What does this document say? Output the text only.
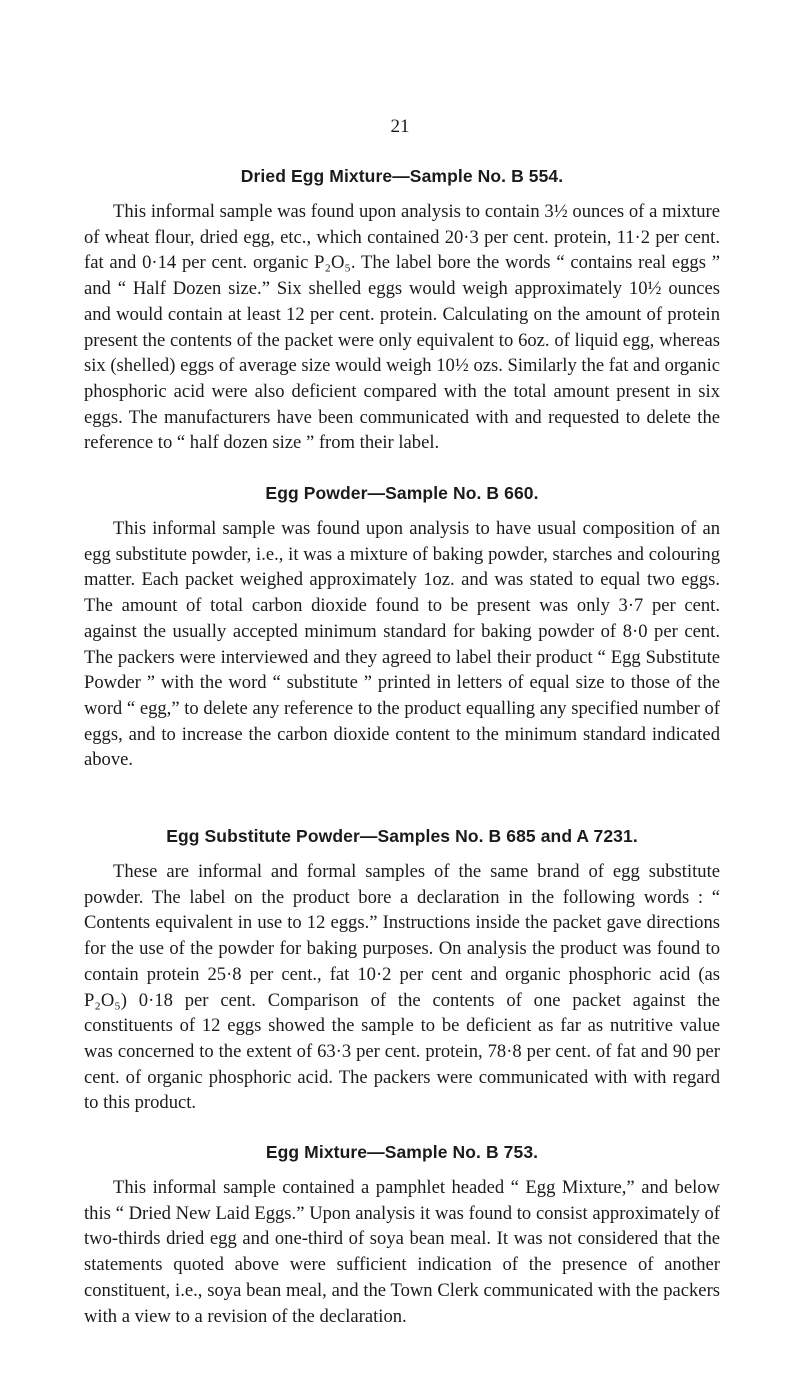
21
Dried Egg Mixture—Sample No. B 554.

This informal sample was found upon analysis to contain 3½ ounces of a mixture of wheat flour, dried egg, etc., which contained 20·3 per cent. protein, 11·2 per cent. fat and 0·14 per cent. organic P₂O₅. The label bore the words “ contains real eggs ” and “ Half Dozen size.” Six shelled eggs would weigh approximately 10½ ounces and would contain at least 12 per cent. protein. Calculating on the amount of protein present the contents of the packet were only equivalent to 6oz. of liquid egg, whereas six (shelled) eggs of average size would weigh 10½ ozs. Similarly the fat and organic phosphoric acid were also deficient compared with the total amount present in six eggs. The manufacturers have been communicated with and requested to delete the reference to “ half dozen size ” from their label.

Egg Powder—Sample No. B 660.

This informal sample was found upon analysis to have usual composition of an egg substitute powder, i.e., it was a mixture of baking powder, starches and colouring matter. Each packet weighed approximately 1oz. and was stated to equal two eggs. The amount of total carbon dioxide found to be present was only 3·7 per cent. against the usually accepted minimum standard for baking powder of 8·0 per cent. The packers were interviewed and they agreed to label their product “ Egg Substitute Powder ” with the word “ substitute ” printed in letters of equal size to those of the word “ egg,” to delete any reference to the product equalling any specified number of eggs, and to increase the carbon dioxide content to the minimum standard indicated above.

Egg Substitute Powder—Samples No. B 685 and A 7231.

These are informal and formal samples of the same brand of egg substitute powder. The label on the product bore a declaration in the following words : “ Contents equivalent in use to 12 eggs.” Instructions inside the packet gave directions for the use of the powder for baking purposes. On analysis the product was found to contain protein 25·8 per cent., fat 10·2 per cent and organic phosphoric acid (as P₂O₅) 0·18 per cent. Comparison of the contents of one packet against the constituents of 12 eggs showed the sample to be deficient as far as nutritive value was concerned to the extent of 63·3 per cent. protein, 78·8 per cent. of fat and 90 per cent. of organic phosphoric acid. The packers were communicated with with regard to this product.

Egg Mixture—Sample No. B 753.

This informal sample contained a pamphlet headed “ Egg Mixture,” and below this “ Dried New Laid Eggs.” Upon analysis it was found to consist approximately of two-thirds dried egg and one-third of soya bean meal. It was not considered that the statements quoted above were sufficient indication of the presence of another constituent, i.e., soya bean meal, and the Town Clerk communicated with the packers with a view to a revision of the declaration.
